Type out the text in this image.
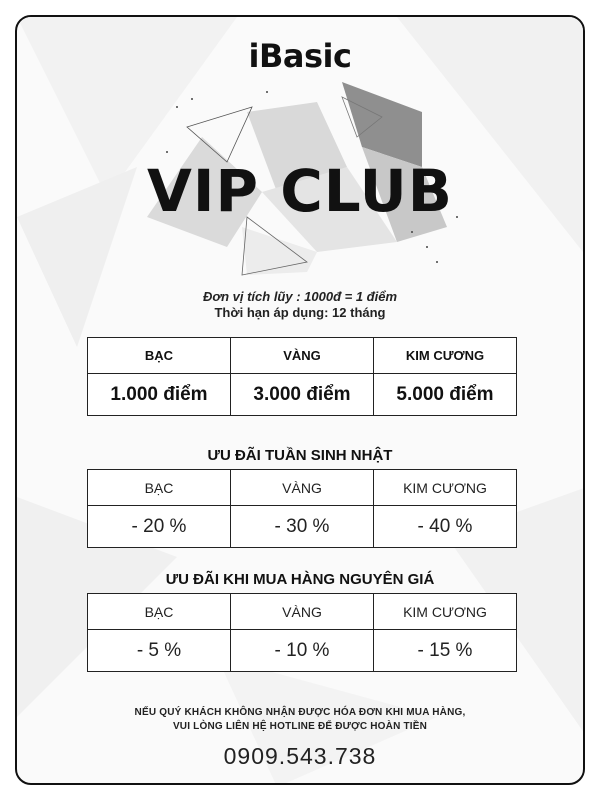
iBasic
VIP CLUB
Đơn vị tích lũy : 1000đ = 1 điểm
Thời hạn áp dụng: 12 tháng
BẠC	VÀNG	KIM CƯƠNG
1.000 điểm	3.000 điểm	5.000 điểm
ƯU ĐÃI TUẦN SINH NHẬT
BẠC	VÀNG	KIM CƯƠNG
- 20 %	- 30 %	- 40 %
ƯU ĐÃI KHI MUA HÀNG NGUYÊN GIÁ
BẠC	VÀNG	KIM CƯƠNG
- 5 %	- 10 %	- 15 %
NẾU QUÝ KHÁCH KHÔNG NHẬN ĐƯỢC HÓA ĐƠN KHI MUA HÀNG,
VUI LÒNG LIÊN HỆ HOTLINE ĐỂ ĐƯỢC HOÀN TIỀN
0909.543.738
